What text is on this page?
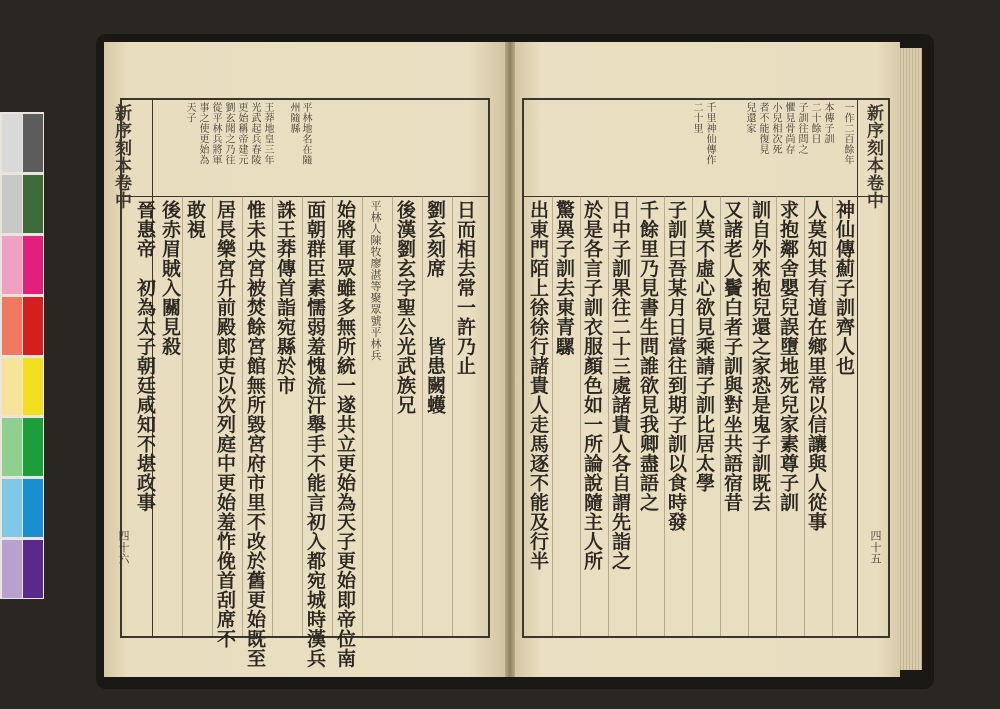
新序刻本卷中
四十六
平林地名在隨
州隨縣
王莽地皇三年
光武起兵春陵
更始稱帝建元
劉玄聞之乃往
從平林兵將軍
事之使更始為
天子
日而相去常一許乃止
劉玄刻席　　　皆患闕蠖
後漢劉玄字聖公光武族兄
平林人陳牧廖湛等聚眾號平林兵
始將軍眾雖多無所統一遂共立更始為天子更始即帝位南
面朝群臣素懦弱羞愧流汗舉手不能言初入都宛城時漢兵
誅王莽傳首詣宛縣於市
惟未央宮被焚餘宮館無所毀宮府市里不改於舊更始既至
居長樂宮升前殿郎吏以次列庭中更始羞怍俛首刮席不
敢視
後赤眉賊入關見殺
晉惠帝　初為太子朝廷咸知不堪政事
新序刻本卷中
四十五
一作二百餘年
本傳子訓
二十餘日
子訓往問之
懼見骨尚存
小兒相次死
者不能復見
兒還家
千里神仙傳作
二十里
神仙傳薊子訓齊人也
人莫知其有道在鄉里常以信讓與人從事
求抱鄰舍嬰兒誤墮地死兒家素尊子訓
訓自外來抱兒還之家恐是鬼子訓既去
又諸老人鬢白者子訓與對坐共語宿昔
人莫不虛心欲見乘請子訓比居太學
子訓曰吾某月日當往到期子訓以食時發
千餘里乃見書生問誰欲見我卿盡語之
日中子訓果往二十三處諸貴人各自謂先詣之
於是各言子訓衣服顏色如一所論說隨主人所
驚異子訓去東青騾
出東門陌上徐徐行諸貴人走馬逐不能及行半
